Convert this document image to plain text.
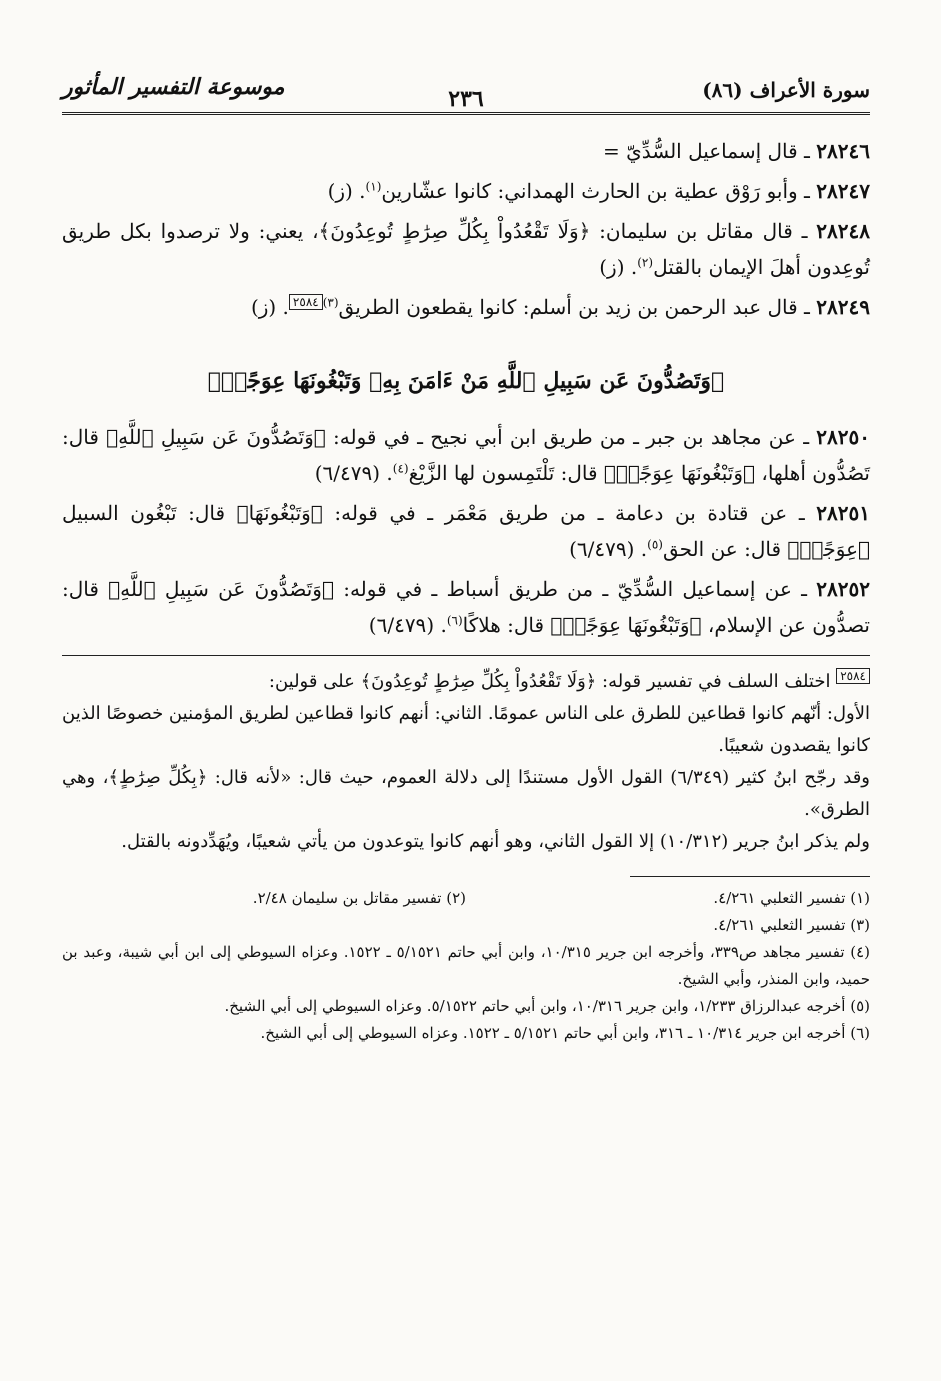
سورة الأعراف (٨٦)
٢٣٦
موسوعة التفسير المأثور

٢٨٢٤٦ ـ قال إسماعيل السُّدِّيّ =

٢٨٢٤٧ ـ وأبو رَوْق عطية بن الحارث الهمداني: كانوا عشّارين$^{(١)}$. (ز)

٢٨٢٤٨ ـ قال مقاتل بن سليمان: ﴿وَلَا تَقْعُدُواْ بِكُلِّ صِرَٰطٍ تُوعِدُونَ﴾، يعني: ولا ترصدوا بكل طريق تُوعِدون أهلَ الإيمان بالقتل$^{(٢)}$. (ز)

٢٨٢٤٩ ـ قال عبد الرحمن بن زيد بن أسلم: كانوا يقطعون الطريق$^{(٣)٢٥٨٤}$. (ز)

﴿وَتَصُدُّونَ عَن سَبِيلِ ٱللَّهِ مَنْ ءَامَنَ بِهِۦ وَتَبْغُونَهَا عِوَجًاۚ﴾

٢٨٢٥٠ ـ عن مجاهد بن جبر ـ من طريق ابن أبي نجيح ـ في قوله: ﴿وَتَصُدُّونَ عَن سَبِيلِ ٱللَّهِ﴾ قال: تَصُدُّون أهلها، ﴿وَتَبْغُونَهَا عِوَجًاۚ﴾ قال: تَلْتَمِسون لها الزَّيْغ$^{(٤)}$. (٦/٤٧٩)

٢٨٢٥١ ـ عن قتادة بن دعامة ـ من طريق مَعْمَر ـ في قوله: ﴿وَتَبْغُونَهَا﴾ قال: تَبْغُون السبيل ﴿عِوَجًاۚ﴾ قال: عن الحق$^{(٥)}$. (٦/٤٧٩)

٢٨٢٥٢ ـ عن إسماعيل السُّدِّيّ ـ من طريق أسباط ـ في قوله: ﴿وَتَصُدُّونَ عَن سَبِيلِ ٱللَّهِ﴾ قال: تصدُّون عن الإسلام، ﴿وَتَبْغُونَهَا عِوَجًاۚ﴾ قال: هلاكًا$^{(٦)}$. (٦/٤٧٩)

$^{٢٥٨٤}$ اختلف السلف في تفسير قوله: ﴿وَلَا تَقْعُدُواْ بِكُلِّ صِرَٰطٍ تُوعِدُونَ﴾ على قولين:
الأول: أنّهم كانوا قطاعين للطرق على الناس عمومًا. الثاني: أنهم كانوا قطاعين لطريق المؤمنين خصوصًا الذين كانوا يقصدون شعيبًا.
وقد رجّح ابنُ كثير (٦/٣٤٩) القول الأول مستندًا إلى دلالة العموم، حيث قال: «لأنه قال: ﴿بِكُلِّ صِرَٰطٍ﴾، وهي الطرق».
ولم يذكر ابنُ جرير (١٠/٣١٢) إلا القول الثاني، وهو أنهم كانوا يتوعدون من يأتي شعيبًا، ويُهَدِّدونه بالقتل.
(١) تفسير الثعلبي ٤/٢٦١.
(٢) تفسير مقاتل بن سليمان ٢/٤٨.
(٣) تفسير الثعلبي ٤/٢٦١.
(٤) تفسير مجاهد ص٣٣٩، وأخرجه ابن جرير ١٠/٣١٥، وابن أبي حاتم ٥/١٥٢١ ـ ١٥٢٢. وعزاه السيوطي إلى ابن أبي شيبة، وعبد بن حميد، وابن المنذر، وأبي الشيخ.
(٥) أخرجه عبدالرزاق ١/٢٣٣، وابن جرير ١٠/٣١٦، وابن أبي حاتم ٥/١٥٢٢. وعزاه السيوطي إلى أبي الشيخ.
(٦) أخرجه ابن جرير ١٠/٣١٤ ـ ٣١٦، وابن أبي حاتم ٥/١٥٢١ ـ ١٥٢٢. وعزاه السيوطي إلى أبي الشيخ.
